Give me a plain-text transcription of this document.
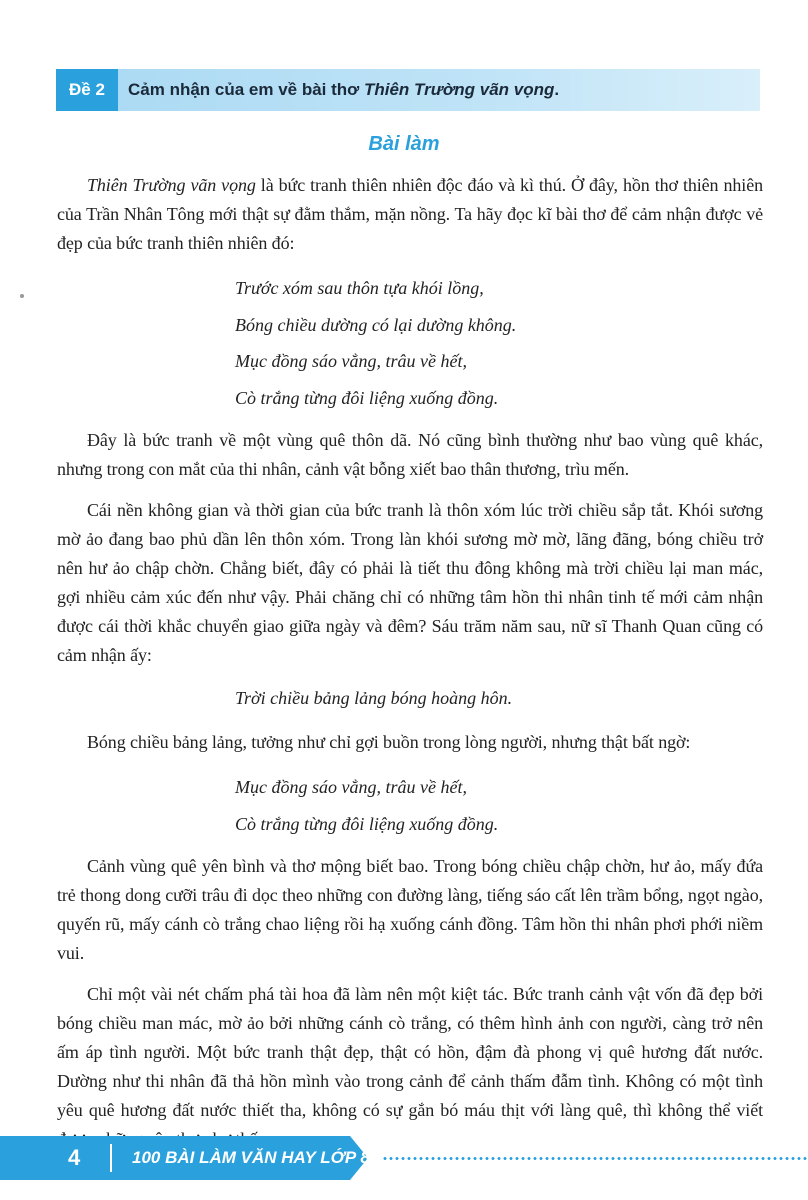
Đề 2	Cảm nhận của em về bài thơ Thiên Trường vãn vọng.
Bài làm

Thiên Trường vãn vọng là bức tranh thiên nhiên độc đáo và kì thú. Ở đây, hồn thơ thiên nhiên của Trần Nhân Tông mới thật sự đằm thắm, mặn nồng. Ta hãy đọc kĩ bài thơ để cảm nhận được vẻ đẹp của bức tranh thiên nhiên đó:

Trước xóm sau thôn tựa khói lồng,
Bóng chiều dường có lại dường không.
Mục đồng sáo vẳng, trâu về hết,
Cò trắng từng đôi liệng xuống đồng.

Đây là bức tranh về một vùng quê thôn dã. Nó cũng bình thường như bao vùng quê khác, nhưng trong con mắt của thi nhân, cảnh vật bỗng xiết bao thân thương, trìu mến.

Cái nền không gian và thời gian của bức tranh là thôn xóm lúc trời chiều sắp tắt. Khói sương mờ ảo đang bao phủ dần lên thôn xóm. Trong làn khói sương mờ mờ, lãng đãng, bóng chiều trở nên hư ảo chập chờn. Chẳng biết, đây có phải là tiết thu đông không mà trời chiều lại man mác, gợi nhiều cảm xúc đến như vậy. Phải chăng chỉ có những tâm hồn thi nhân tinh tế mới cảm nhận được cái thời khắc chuyển giao giữa ngày và đêm? Sáu trăm năm sau, nữ sĩ Thanh Quan cũng có cảm nhận ấy:

Trời chiều bảng lảng bóng hoàng hôn.

Bóng chiều bảng lảng, tưởng như chỉ gợi buồn trong lòng người, nhưng thật bất ngờ:

Mục đồng sáo vẳng, trâu về hết,
Cò trắng từng đôi liệng xuống đồng.

Cảnh vùng quê yên bình và thơ mộng biết bao. Trong bóng chiều chập chờn, hư ảo, mấy đứa trẻ thong dong cưỡi trâu đi dọc theo những con đường làng, tiếng sáo cất lên trầm bổng, ngọt ngào, quyến rũ, mấy cánh cò trắng chao liệng rồi hạ xuống cánh đồng. Tâm hồn thi nhân phơi phới niềm vui.

Chỉ một vài nét chấm phá tài hoa đã làm nên một kiệt tác. Bức tranh cảnh vật vốn đã đẹp bởi bóng chiều man mác, mờ ảo bởi những cánh cò trắng, có thêm hình ảnh con người, càng trở nên ấm áp tình người. Một bức tranh thật đẹp, thật có hồn, đậm đà phong vị quê hương đất nước. Dường như thi nhân đã thả hồn mình vào trong cảnh để cảnh thấm đẫm tình. Không có một tình yêu quê hương đất nước thiết tha, không có sự gắn bó máu thịt với làng quê, thì không thể viết

4	100 BÀI LÀM VĂN HAY LỚP 8
